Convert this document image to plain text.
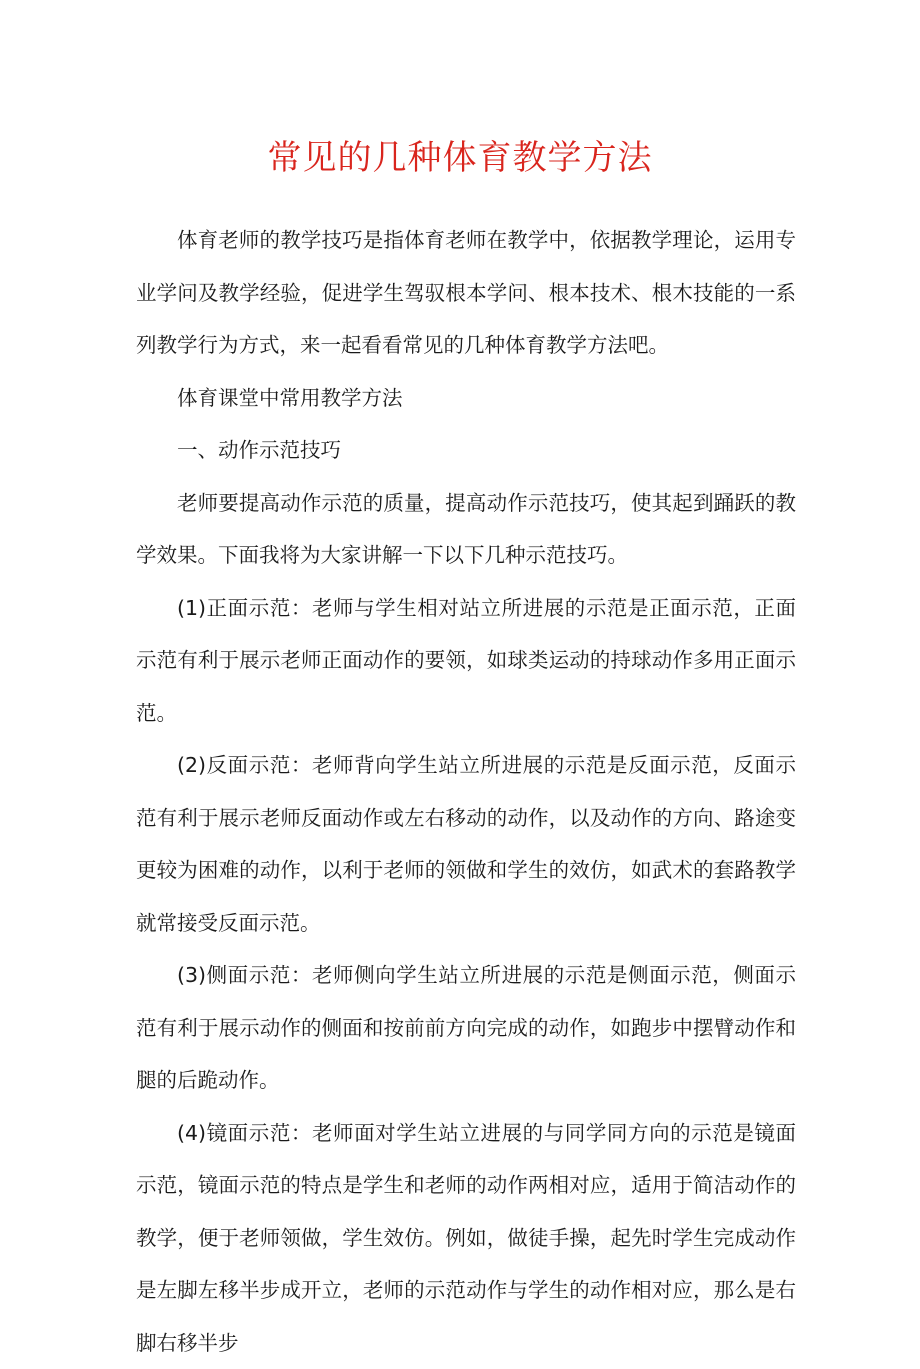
常见的几种体育教学方法

体育老师的教学技巧是指体育老师在教学中，依据教学理论，运用专业学问及教学经验，促进学生驾驭根本学问、根本技术、根木技能的一系列教学行为方式，来一起看看常见的几种体育教学方法吧。

体育课堂中常用教学方法

一、动作示范技巧

老师要提高动作示范的质量，提高动作示范技巧，使其起到踊跃的教学效果。下面我将为大家讲解一下以下几种示范技巧。

(1)正面示范：老师与学生相对站立所进展的示范是正面示范，正面示范有利于展示老师正面动作的要领，如球类运动的持球动作多用正面示范。

(2)反面示范：老师背向学生站立所进展的示范是反面示范，反面示范有利于展示老师反面动作或左右移动的动作，以及动作的方向、路途变更较为困难的动作，以利于老师的领做和学生的效仿，如武术的套路教学就常接受反面示范。

(3)侧面示范：老师侧向学生站立所进展的示范是侧面示范，侧面示范有利于展示动作的侧面和按前前方向完成的动作，如跑步中摆臂动作和腿的后跪动作。

(4)镜面示范：老师面对学生站立进展的与同学同方向的示范是镜面示范，镜面示范的特点是学生和老师的动作两相对应，适用于简洁动作的教学，便于老师领做，学生效仿。例如，做徒手操，起先时学生完成动作是左脚左移半步成开立，老师的示范动作与学生的动作相对应，那么是右脚右移半步
